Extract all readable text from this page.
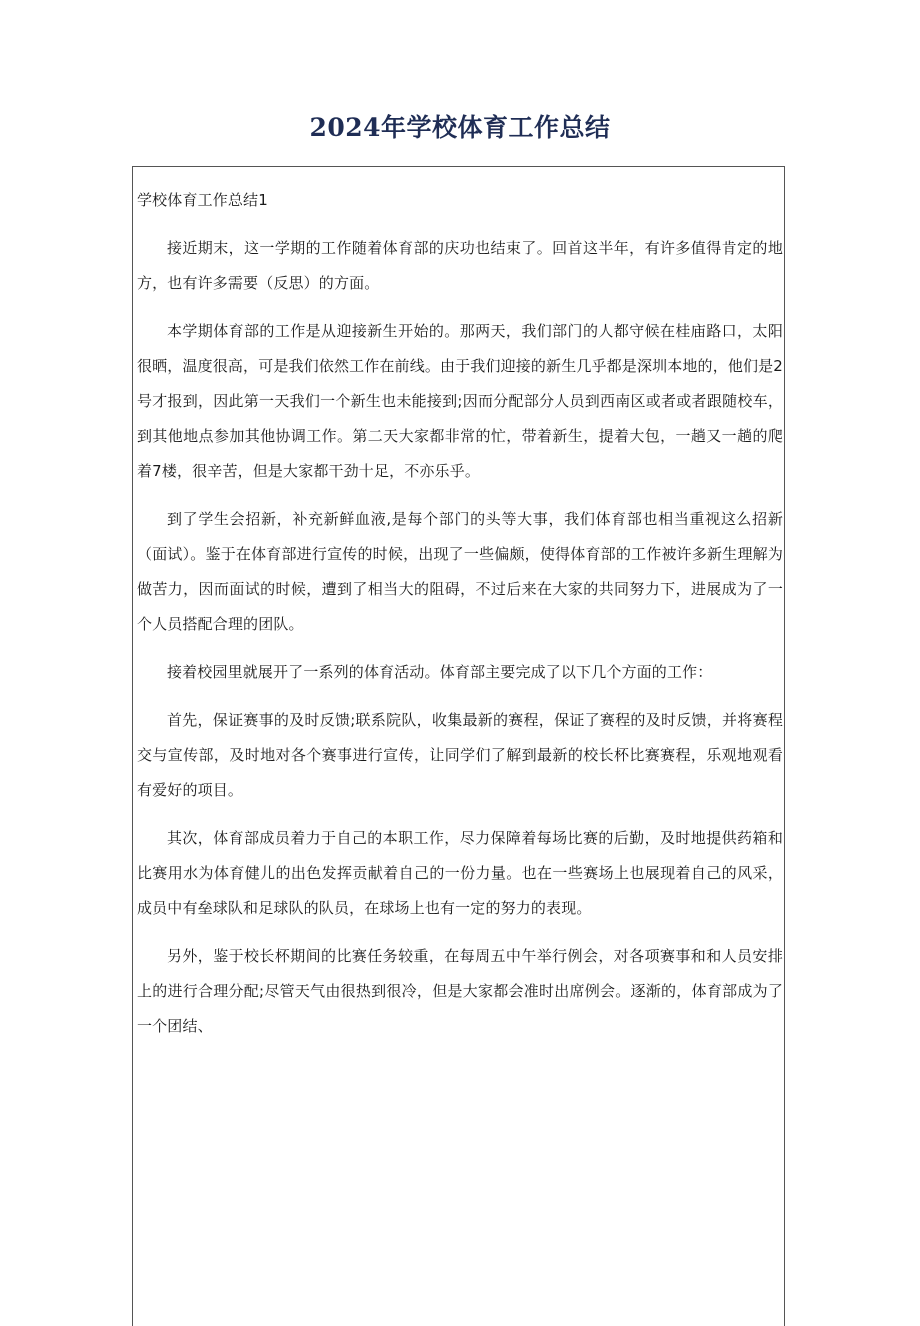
2024年学校体育工作总结

学校体育工作总结1

接近期末，这一学期的工作随着体育部的庆功也结束了。回首这半年，有许多值得肯定的地方，也有许多需要（反思）的方面。

本学期体育部的工作是从迎接新生开始的。那两天，我们部门的人都守候在桂庙路口，太阳很晒，温度很高，可是我们依然工作在前线。由于我们迎接的新生几乎都是深圳本地的，他们是2号才报到，因此第一天我们一个新生也未能接到;因而分配部分人员到西南区或者或者跟随校车，到其他地点参加其他协调工作。第二天大家都非常的忙，带着新生，提着大包，一趟又一趟的爬着7楼，很辛苦，但是大家都干劲十足，不亦乐乎。

到了学生会招新，补充新鲜血液,是每个部门的头等大事，我们体育部也相当重视这么招新（面试）。鉴于在体育部进行宣传的时候，出现了一些偏颇，使得体育部的工作被许多新生理解为做苦力，因而面试的时候，遭到了相当大的阻碍，不过后来在大家的共同努力下，进展成为了一个人员搭配合理的团队。

接着校园里就展开了一系列的体育活动。体育部主要完成了以下几个方面的工作：

首先，保证赛事的及时反馈;联系院队，收集最新的赛程，保证了赛程的及时反馈，并将赛程交与宣传部，及时地对各个赛事进行宣传，让同学们了解到最新的校长杯比赛赛程，乐观地观看有爱好的项目。

其次，体育部成员着力于自己的本职工作，尽力保障着每场比赛的后勤，及时地提供药箱和比赛用水为体育健儿的出色发挥贡献着自己的一份力量。也在一些赛场上也展现着自己的风采，成员中有垒球队和足球队的队员，在球场上也有一定的努力的表现。

另外，鉴于校长杯期间的比赛任务较重，在每周五中午举行例会，对各项赛事和和人员安排上的进行合理分配;尽管天气由很热到很冷，但是大家都会准时出席例会。逐渐的，体育部成为了一个团结、
